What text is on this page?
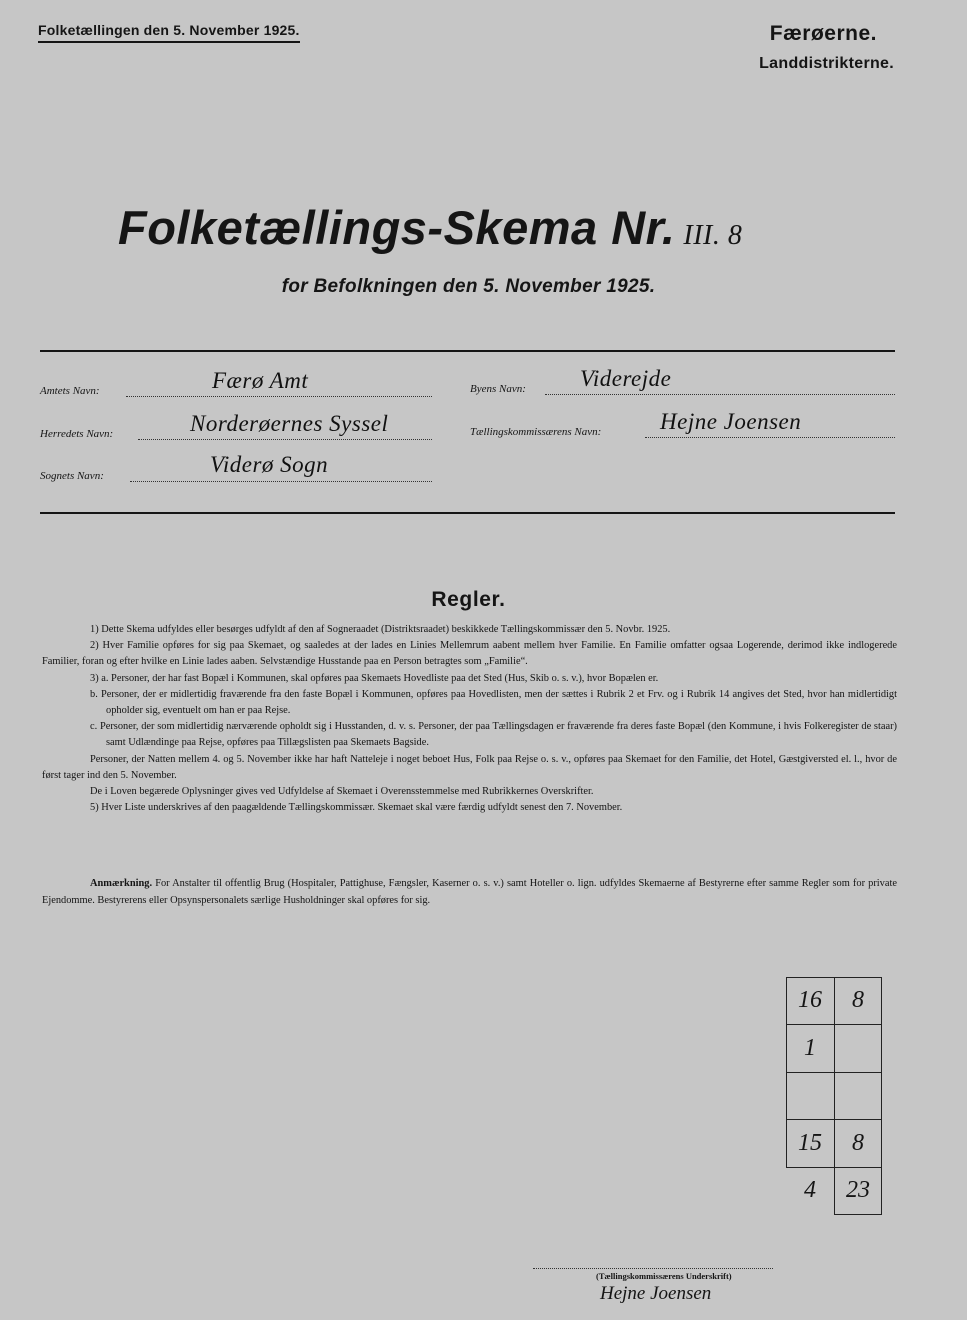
Folketællingen den 5. November 1925.	Færøerne.
Landdistrikterne.
Folketællings-Skema Nr. III. 8
for Befolkningen den 5. November 1925.
Amtets Navn:	Færø Amt
Herredets Navn:	Norderøernes Syssel
Sognets Navn:	Viderø Sogn
Byens Navn: Viderejde
Tællingskommissærens Navn:	Hejne Joensen
Regler.

1) Dette Skema udfyldes eller besørges udfyldt af den af Sogneraadet (Distriktsraadet) beskikkede Tællingskommissær den 5. Novbr. 1925.

2) Hver Familie opføres for sig paa Skemaet, og saaledes at der lades en Linies Mellemrum aabent mellem hver Familie. En Familie omfatter ogsaa Logerende, derimod ikke indlogerede Familier, foran og efter hvilke en Linie lades aaben. Selvstændige Husstande paa en Person betragtes som „Familie“.

3) a. Personer, der har fast Bopæl i Kommunen, skal opføres paa Skemaets Hovedliste paa det Sted (Hus, Skib o. s. v.), hvor Bopælen er.

b. Personer, der er midlertidig fraværende fra den faste Bopæl i Kommunen, opføres paa Hovedlisten, men der sættes i Rubrik 2 et Frv. og i Rubrik 14 angives det Sted, hvor han midlertidigt opholder sig, eventuelt om han er paa Rejse.

c. Personer, der som midlertidig nærværende opholdt sig i Husstanden, d. v. s. Personer, der paa Tællingsdagen er fraværende fra deres faste Bopæl (den Kommune, i hvis Folkeregister de staar) samt Udlændinge paa Rejse, opføres paa Tillægslisten paa Skemaets Bagside.

Personer, der Natten mellem 4. og 5. November ikke har haft Natteleje i noget beboet Hus, Folk paa Rejse o. s. v., opføres paa Skemaet for den Familie, det Hotel, Gæstgiversted el. l., hvor de først tager ind den 5. November.

De i Loven begærede Oplysninger gives ved Udfyldelse af Skemaet i Overensstemmelse med Rubrikkernes Overskrifter.

5) Hver Liste underskrives af den paagældende Tællingskommissær. Skemaet skal være færdig udfyldt senest den 7. November.

Anmærkning. For Anstalter til offentlig Brug (Hospitaler, Pattighuse, Fængsler, Kaserner o. s. v.) samt Hoteller o. lign. udfyldes Skemaerne af Bestyrerne efter samme Regler som for private Ejendomme. Bestyrerens eller Opsynspersonalets særlige Husholdninger skal opføres for sig.
16	8
1
15	8
4	23
(Tællingskommissærens Underskrift)
Hejne Joensen
